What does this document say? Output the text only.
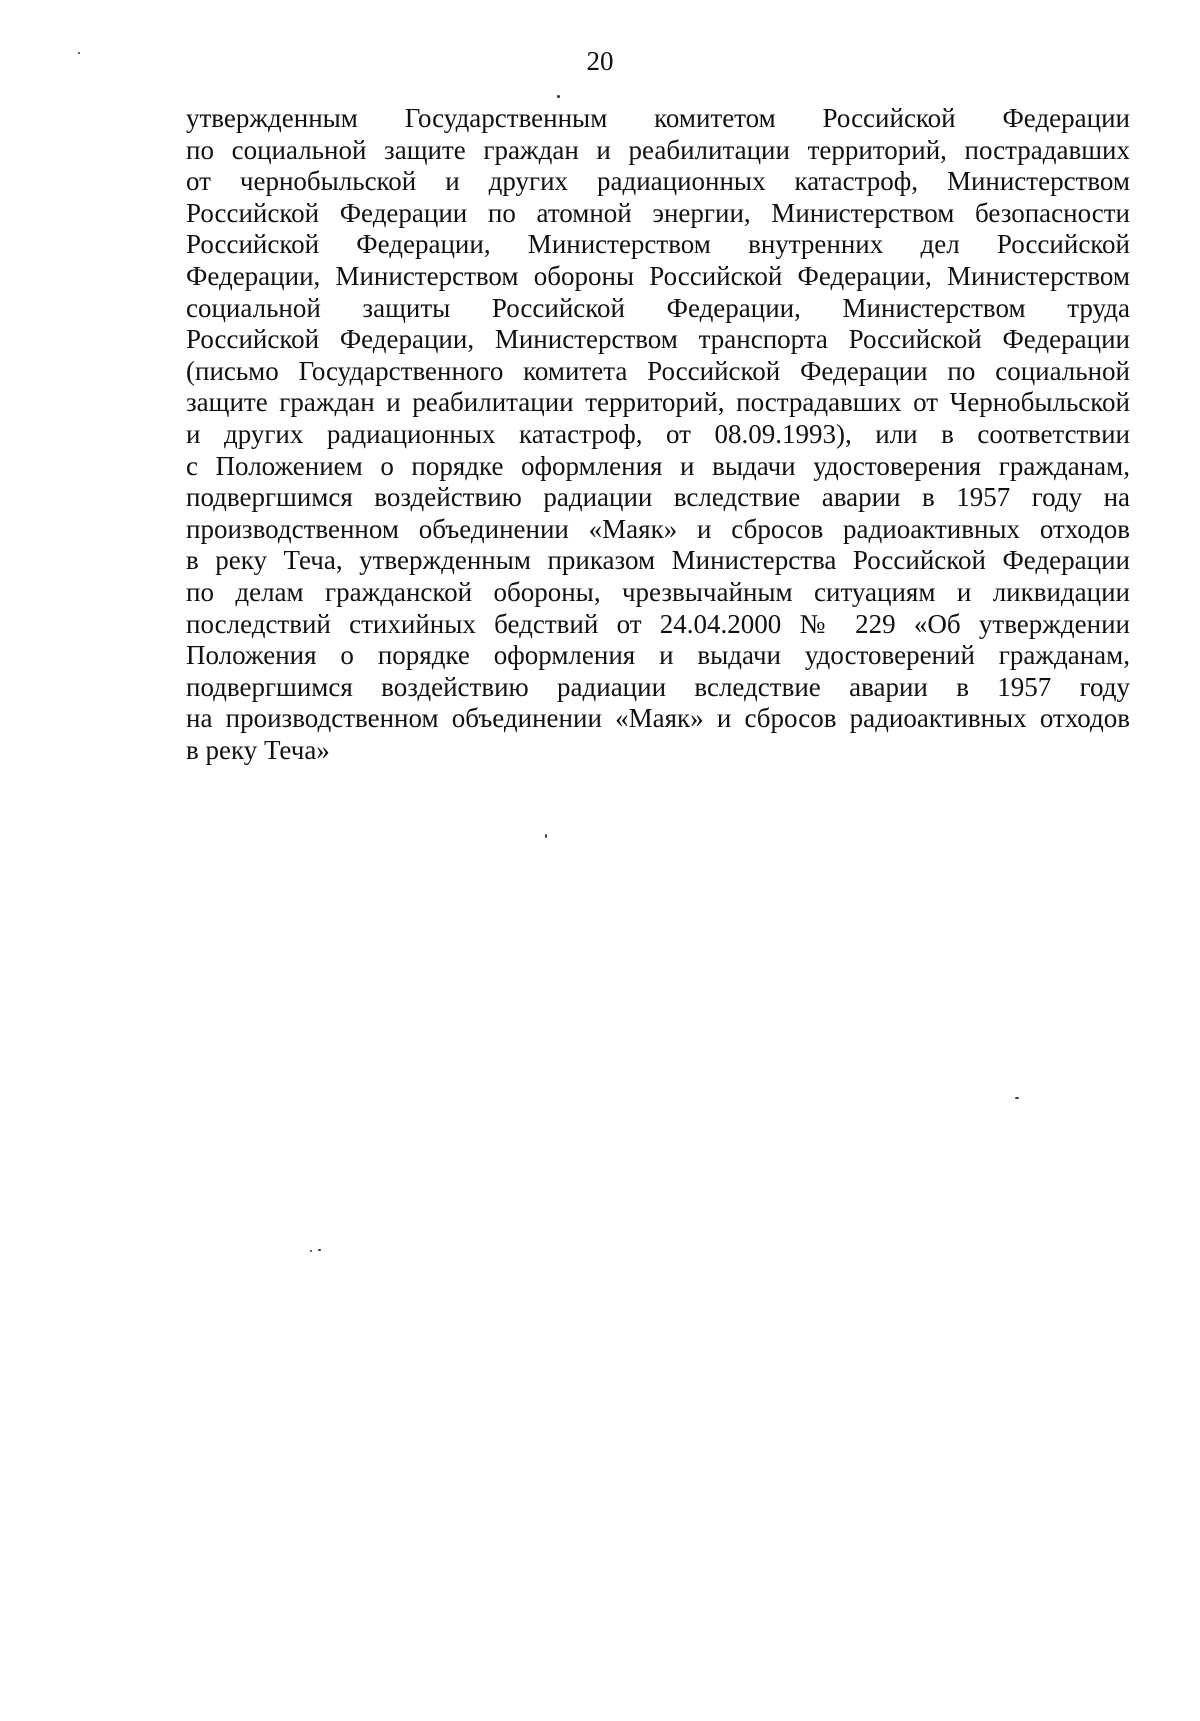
20
утвержденным Государственным комитетом Российской Федерации
по социальной защите граждан и реабилитации территорий, пострадавших
от чернобыльской и других радиационных катастроф, Министерством
Российской Федерации по атомной энергии, Министерством безопасности
Российской Федерации, Министерством внутренних дел Российской
Федерации, Министерством обороны Российской Федерации, Министерством
социальной защиты Российской Федерации, Министерством труда
Российской Федерации, Министерством транспорта Российской Федерации
(письмо Государственного комитета Российской Федерации по социальной
защите граждан и реабилитации территорий, пострадавших от Чернобыльской
и других радиационных катастроф, от 08.09.1993), или в соответствии
с Положением о порядке оформления и выдачи удостоверения гражданам,
подвергшимся воздействию радиации вследствие аварии в 1957 году на
производственном объединении «Маяк» и сбросов радиоактивных отходов
в реку Теча, утвержденным приказом Министерства Российской Федерации
по делам гражданской обороны, чрезвычайным ситуациям и ликвидации
последствий стихийных бедствий от 24.04.2000 № 229 «Об утверждении
Положения о порядке оформления и выдачи удостоверений гражданам,
подвергшимся воздействию радиации вследствие аварии в 1957 году
на производственном объединении «Маяк» и сбросов радиоактивных отходов
в реку Теча»
